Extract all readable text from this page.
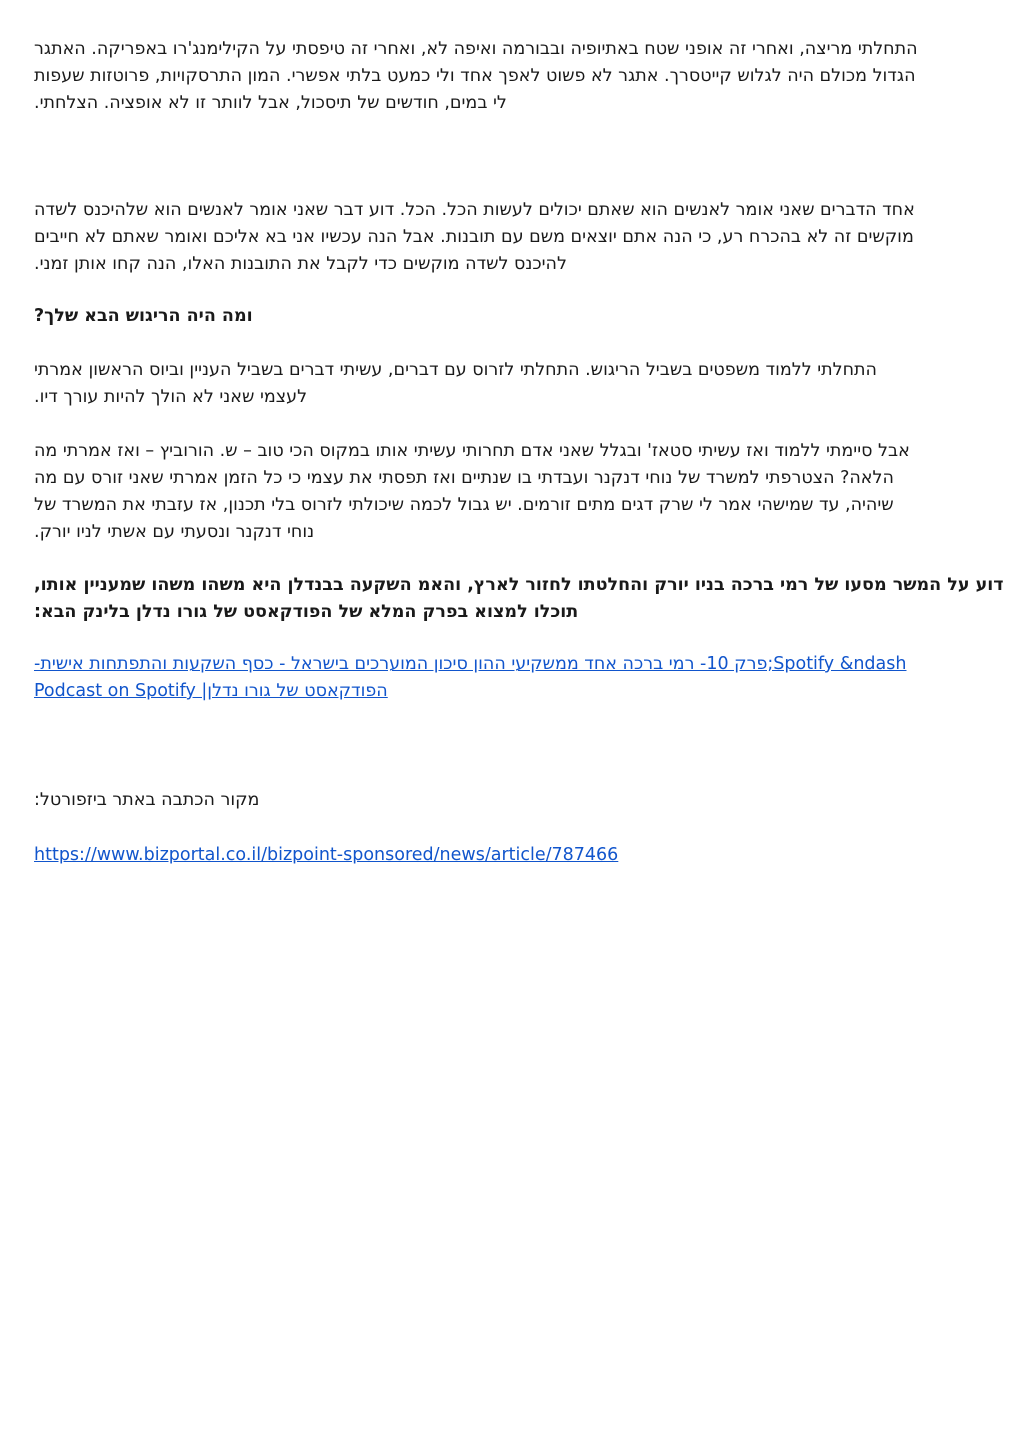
רגתאה .הקירפאב ור'גנמיליקה לע יתספיט הז ירחאו ,אל הפיאו המרובבו היפויתאב חטש ינפוא הז ירחאו ,הצירמ יתלחתה
תופעש תוזטורפ ,תויוקסרתה ןומה .ירשפא יתלב טעמכ ילו דחא ךפאל טושפ אל רגתא .ךרסטייק שולגל היה םלוכמ לודגה
.יתחלצה .היצפוא אל וז רתוול לבא ,לוכסית לש םישדוח ,םימב יל
הדשל סנכיהלש אוה םישנאל רמוא ינאש רבד עוד .לכה .לכה תושעל םילוכי םתאש אוה םישנאל רמוא ינאש םירבדה דחא
םיבייח אל םתאש רמואו םכילא אב ינא וישכע הנה לבא .תונבות םע םשמ םיאצוי םתא הנה יכ ,ער חרכהב אל הז םישקומ
.ינמז ןתוא וחק הנה ,ולאה תונבותה תא לבקל ידכ םישקומ הדשל סנכיהל
?ךלש אבה שוגירה היה המו
יתרמא ןושארה סויבו ןיינעה ליבשב םירבד יתישע ,םירבד םע סורזל יתלחתה .שוגירה ליבשב םיטפשמ דומלל יתלחתה
.ויד ךרוע תויהל ךלוה אל ינאש ימצעל
המ יתרמא זאו – ץיבורוה .ש – בוט יכה סוקמב ותוא יתישע יתורחת םדא ינאש ללגבו 'זאטס יתישע זאו דומלל יתמייס לבא
המ םע סרוז ינאש יתרמא ןמזה לכ יכ ימצע תא יתספת זאו םייתנש וב יתדבעו רנקנד יחונ לש דרשמל יתפרטצה ?האלה
לש דרשמה תא יתבזע זא ,ןונכת ילב סורזל יתלוכיש המכל לובג שי .םימרוז םיתמ םיגד קרש יל רמא יהשימש דע ,היהיש
.קרוי וינל יתשא םע יתעסנו רנקנד יחונ
,ותוא ןיינעמש והשמ והשמ איה ןלדנבב העקשה מאהו ,ץראל רוזחל ותטלחהו קרוי וינב הכרב ימר לש ועסמ רשמה לע עוד
:אבה קנילב ןלדנ ורוג לש טסאקדופה לש אלמה קרפב אוצמל ולכות
-תישיא תוחתפתהו תועקשה ףסכ - לארשיב םיכרעומה ןוכיס ןוהה יעיקשממ דחא הכרב ימר -10 קרפ;Spotify &ndash
Podcast on Spotify |ןלדנ ורוג לש טסאקדופה
:לטרופזיב רתאב הבתכה רוקמ
https://www.bizportal.co.il/bizpoint-sponsored/news/article/787466
